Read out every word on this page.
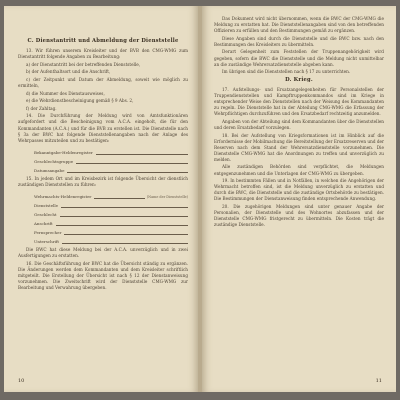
C. Dienstantritt und Abmeldung der Dienststelle

13. Wir führen unserem Kreisleiter und der BVB den CMG-WMG zum Dienstantritt folgende Angaben zu Bearbeitung:

a) der Dienstantritt bei der betreffenden Dienststelle,

b) der Aufenthaltsort und die Anschrift,

c) der Zeitpunkt und Datum der Abmeldung, soweit wie möglich zu ermitteln,

d) die Nummer des Dienstausweises,

e) die Wehrdienstbescheinigung gemäß § 9 Abs. 2,

f) der Zahltag.

14. Die Durchführung der Meldung wird von Amtsfunktionären aufgefordert und die Bescheinigung vom A.C.A. eingeholt, die für den Kommandanten (A.C.A.) und für die BVB zu erstellen ist. Die Dienststelle nach § 3a der BWC hat folgende Dienststellenangaben nach der Anlage des Wehrpasses mitzuteilen und zu bestätigen:

Bekanntgabe-Heldenregister
Geschlechtsgruppe
Datumsangabe

15. In jedem Ort und im Kreisbezirk ist folgende Übersicht der dienstlich zuständigen Dienststellen zu führen:

Wehrmachts-Heldenregister	(Name der Dienststelle)
Dienststelle
Geschlecht
Anschrift
Fernsprecher
Unterschrift

Die BWC hat diese Meldung bei der A.C.A. unverzüglich und in zwei Ausfertigungen zu erstatten.

16. Die Geschäftsführung der BWC hat die Übersicht ständig zu ergänzen. Die Änderungen werden dem Kommandanten und dem Kreisleiter schriftlich mitgeteilt. Die Erstellung der Übersicht ist nach § 12 der Dienstanweisung vorzunehmen. Die Zweitschrift wird der Dienststelle CMG-WMG zur Bearbeitung und Verwahrung übergeben.

10

Das Dokument wird nicht übernommen, wenn die BWC der CMG-WMG die Meldung zu erstatten hat. Die Dienststellenangaben sind von den betreffenden Offizieren zu erfüllen und den Bestimmungen gemäß zu ergänzen.

Diese Angaben sind durch die Dienststelle und die BWC bzw. nach den Bestimmungen des Kreisleiters zu übermitteln.

Derart Gelegenheit zum Feststellen der Truppenangehörigkeit wird gegeben, sofern die BWC die Dienststelle und die Meldung nicht unmittelbar an die zuständige Wehrersatzdienststelle abgeben kann.

Im übrigen sind die Dienststellen nach § 17 zu unterrichten.

D. Krieg.

17. Aufstellungs- und Ersatzangelegenheiten für Personalstellen der Truppendienststellen und Kampftruppenkommandos sind im Kriege in entsprechender Weise den Dienststellen nach der Weisung des Kommandanten zu regeln. Die Dienststelle hat in der Abteilung CMG-WMG die Erfassung der Wehrpflichtigen durchzuführen und den Ersatzbedarf rechtzeitig anzumelden.

Angaben von der Abteilung sind dem Kommandanten über die Dienststellen und deren Ersatzbedarf vorzulegen.

18. Bei der Aufstellung von Kriegsformationen ist im Hinblick auf die Erfordernisse der Mobilmachung die Bereitstellung der Ersatzreserven und der Reserven nach dem Stand der Wehrersatzdienststelle vorzunehmen. Die Dienststelle CMG-WMG hat die Anordnungen zu treffen und unverzüglich zu melden.

Alle zuständigen Behörden sind verpflichtet, die Meldungen entgegenzunehmen und die Unterlagen der CMG-WMG zu übergeben.

19. In bestimmten Fällen und in Notfällen, in welchen die Angehörigen der Wehrmacht betroffen sind, ist die Meldung unverzüglich zu erstatten und durch die BWC, die Dienststelle und die zuständige Ortsbehörde zu bestätigen. Die Bestimmungen der Dienstanweisung finden entsprechende Anwendung.

20. Die zugehörigen Meldungen sind unter genauer Angabe der Personalien, der Dienststelle und des Wohnortes abzufassen und der Dienststelle CMG-WMG fristgerecht zu übermitteln. Die Kosten trägt die zuständige Dienststelle.

11
